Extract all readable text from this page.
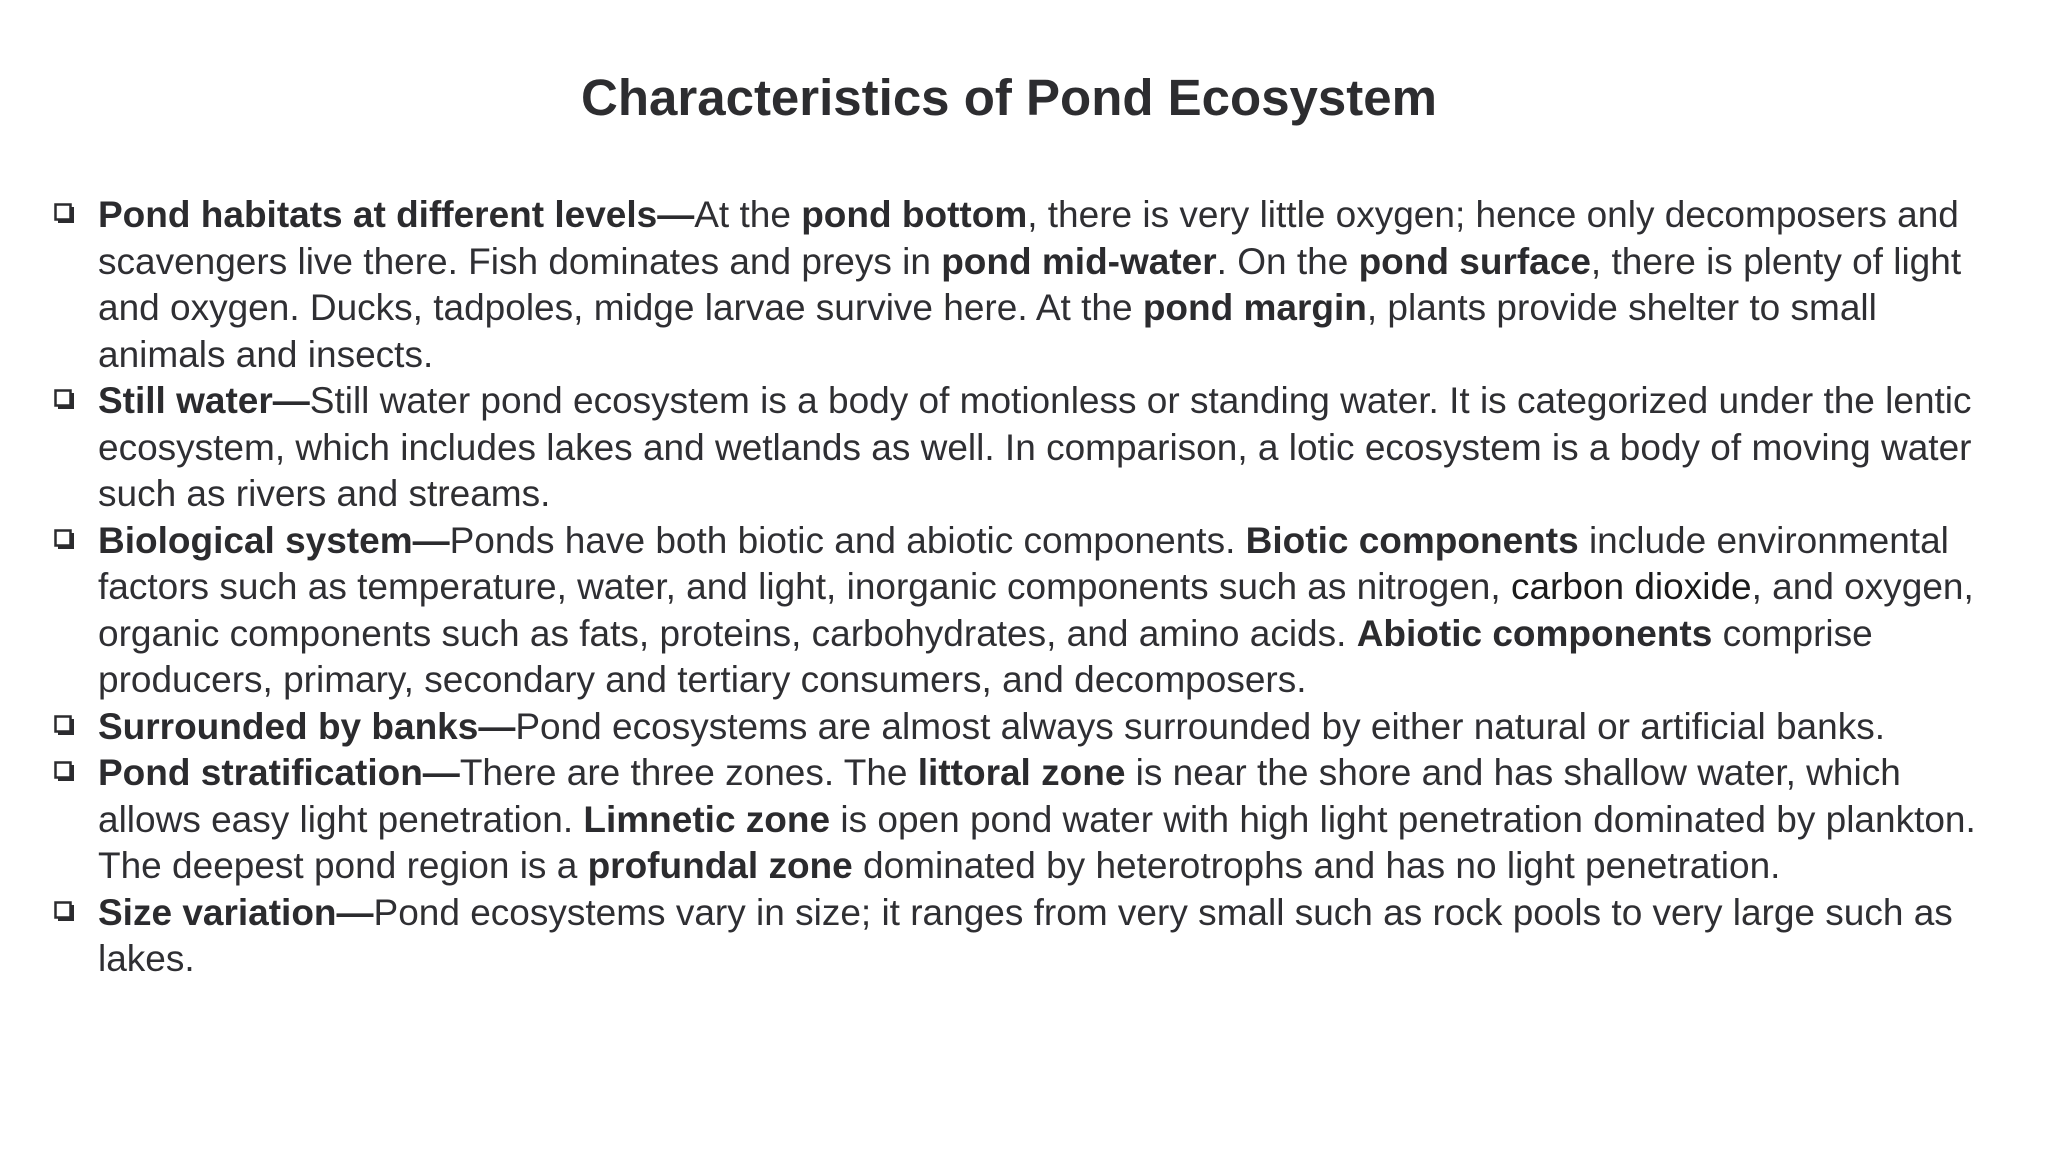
Characteristics of Pond Ecosystem
Pond habitats at different levels—At the pond bottom, there is very little oxygen; hence only decomposers and scavengers live there. Fish dominates and preys in pond mid-water. On the pond surface, there is plenty of light and oxygen. Ducks, tadpoles, midge larvae survive here. At the pond margin, plants provide shelter to small animals and insects.
Still water—Still water pond ecosystem is a body of motionless or standing water. It is categorized under the lentic ecosystem, which includes lakes and wetlands as well. In comparison, a lotic ecosystem is a body of moving water such as rivers and streams.
Biological system—Ponds have both biotic and abiotic components. Biotic components include environmental factors such as temperature, water, and light, inorganic components such as nitrogen, carbon dioxide, and oxygen, organic components such as fats, proteins, carbohydrates, and amino acids. Abiotic components comprise producers, primary, secondary and tertiary consumers, and decomposers.
Surrounded by banks—Pond ecosystems are almost always surrounded by either natural or artificial banks.
Pond stratification—There are three zones. The littoral zone is near the shore and has shallow water, which allows easy light penetration. Limnetic zone is open pond water with high light penetration dominated by plankton. The deepest pond region is a profundal zone dominated by heterotrophs and has no light penetration.
Size variation—Pond ecosystems vary in size; it ranges from very small such as rock pools to very large such as lakes.
